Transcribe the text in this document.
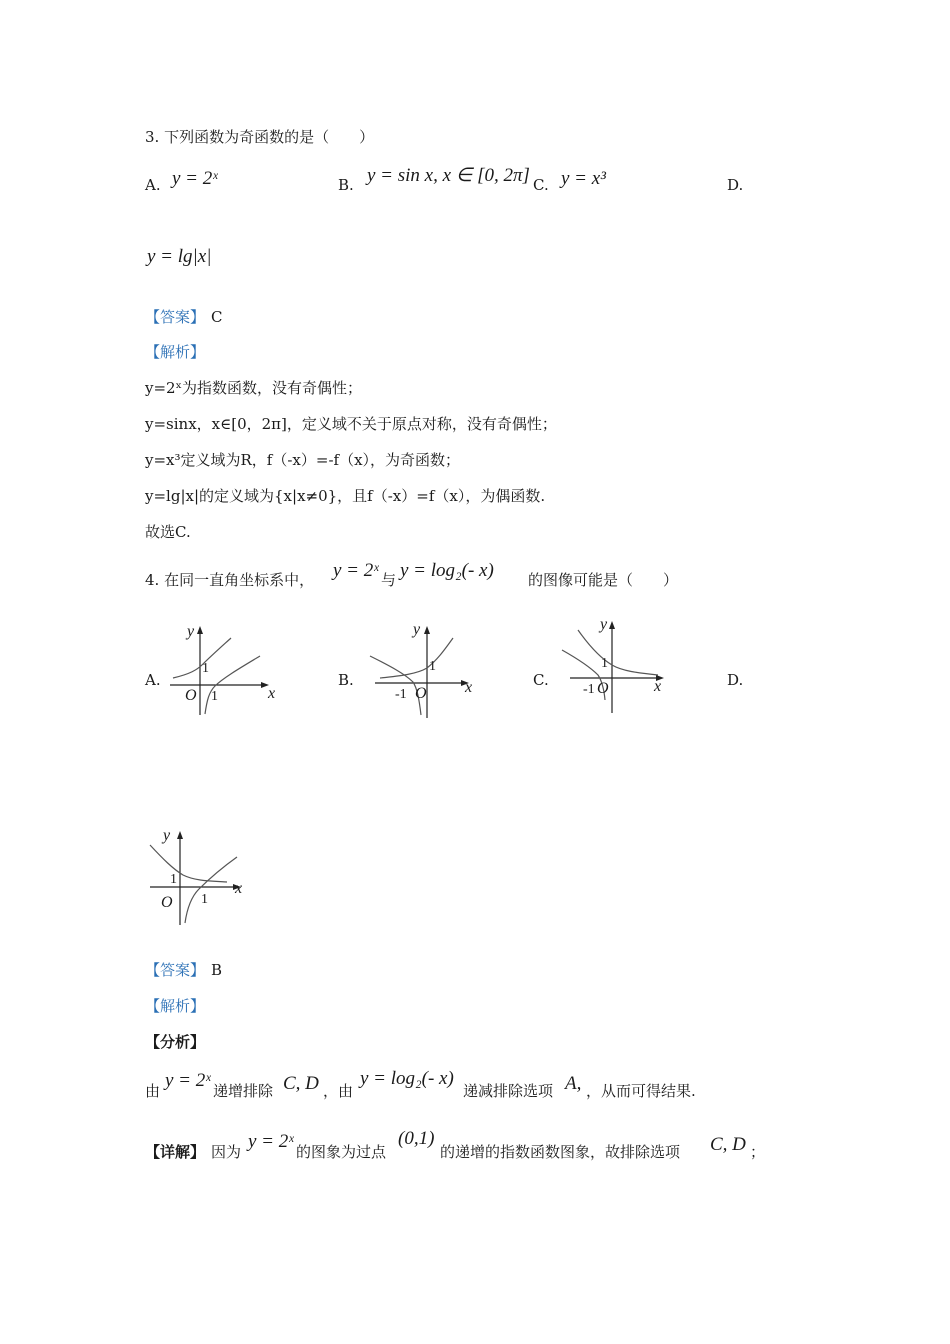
3. 下列函数为奇函数的是（　　）
A. y = 2ˣ	B. y = sin x, x ∈ [0, 2π] C. y = x³	D.
y = lg|x|
【答案】 C
【解析】
y=2ˣ为指数函数，没有奇偶性；
y=sinx，x∈[0，2π]，定义域不关于原点对称，没有奇偶性；
y=x³定义域为R，f（-x）=-f（x），为奇函数；
y=lg|x|的定义域为{x|x≠0}，且f（-x）=f（x），为偶函数.
故选C.
4. 在同一直角坐标系中， y = 2ˣ 与 y = log₂(- x) 的图像可能是（　　）
A.	B.	C.	D.
y
x
O
1
1
y
x
O
1
-1
y
x
O
1
-1
y
x
O
1
1
【答案】 B
【解析】
【分析】
由 y = 2ˣ 递增排除 C, D ，由
y = log₂(- x)
递减排除选项 A, ，从而可得结果.
【详解】 因为 y = 2ˣ 的图象为过点
(0,1)
的递增的指数函数图象，故排除选项 C, D ；
